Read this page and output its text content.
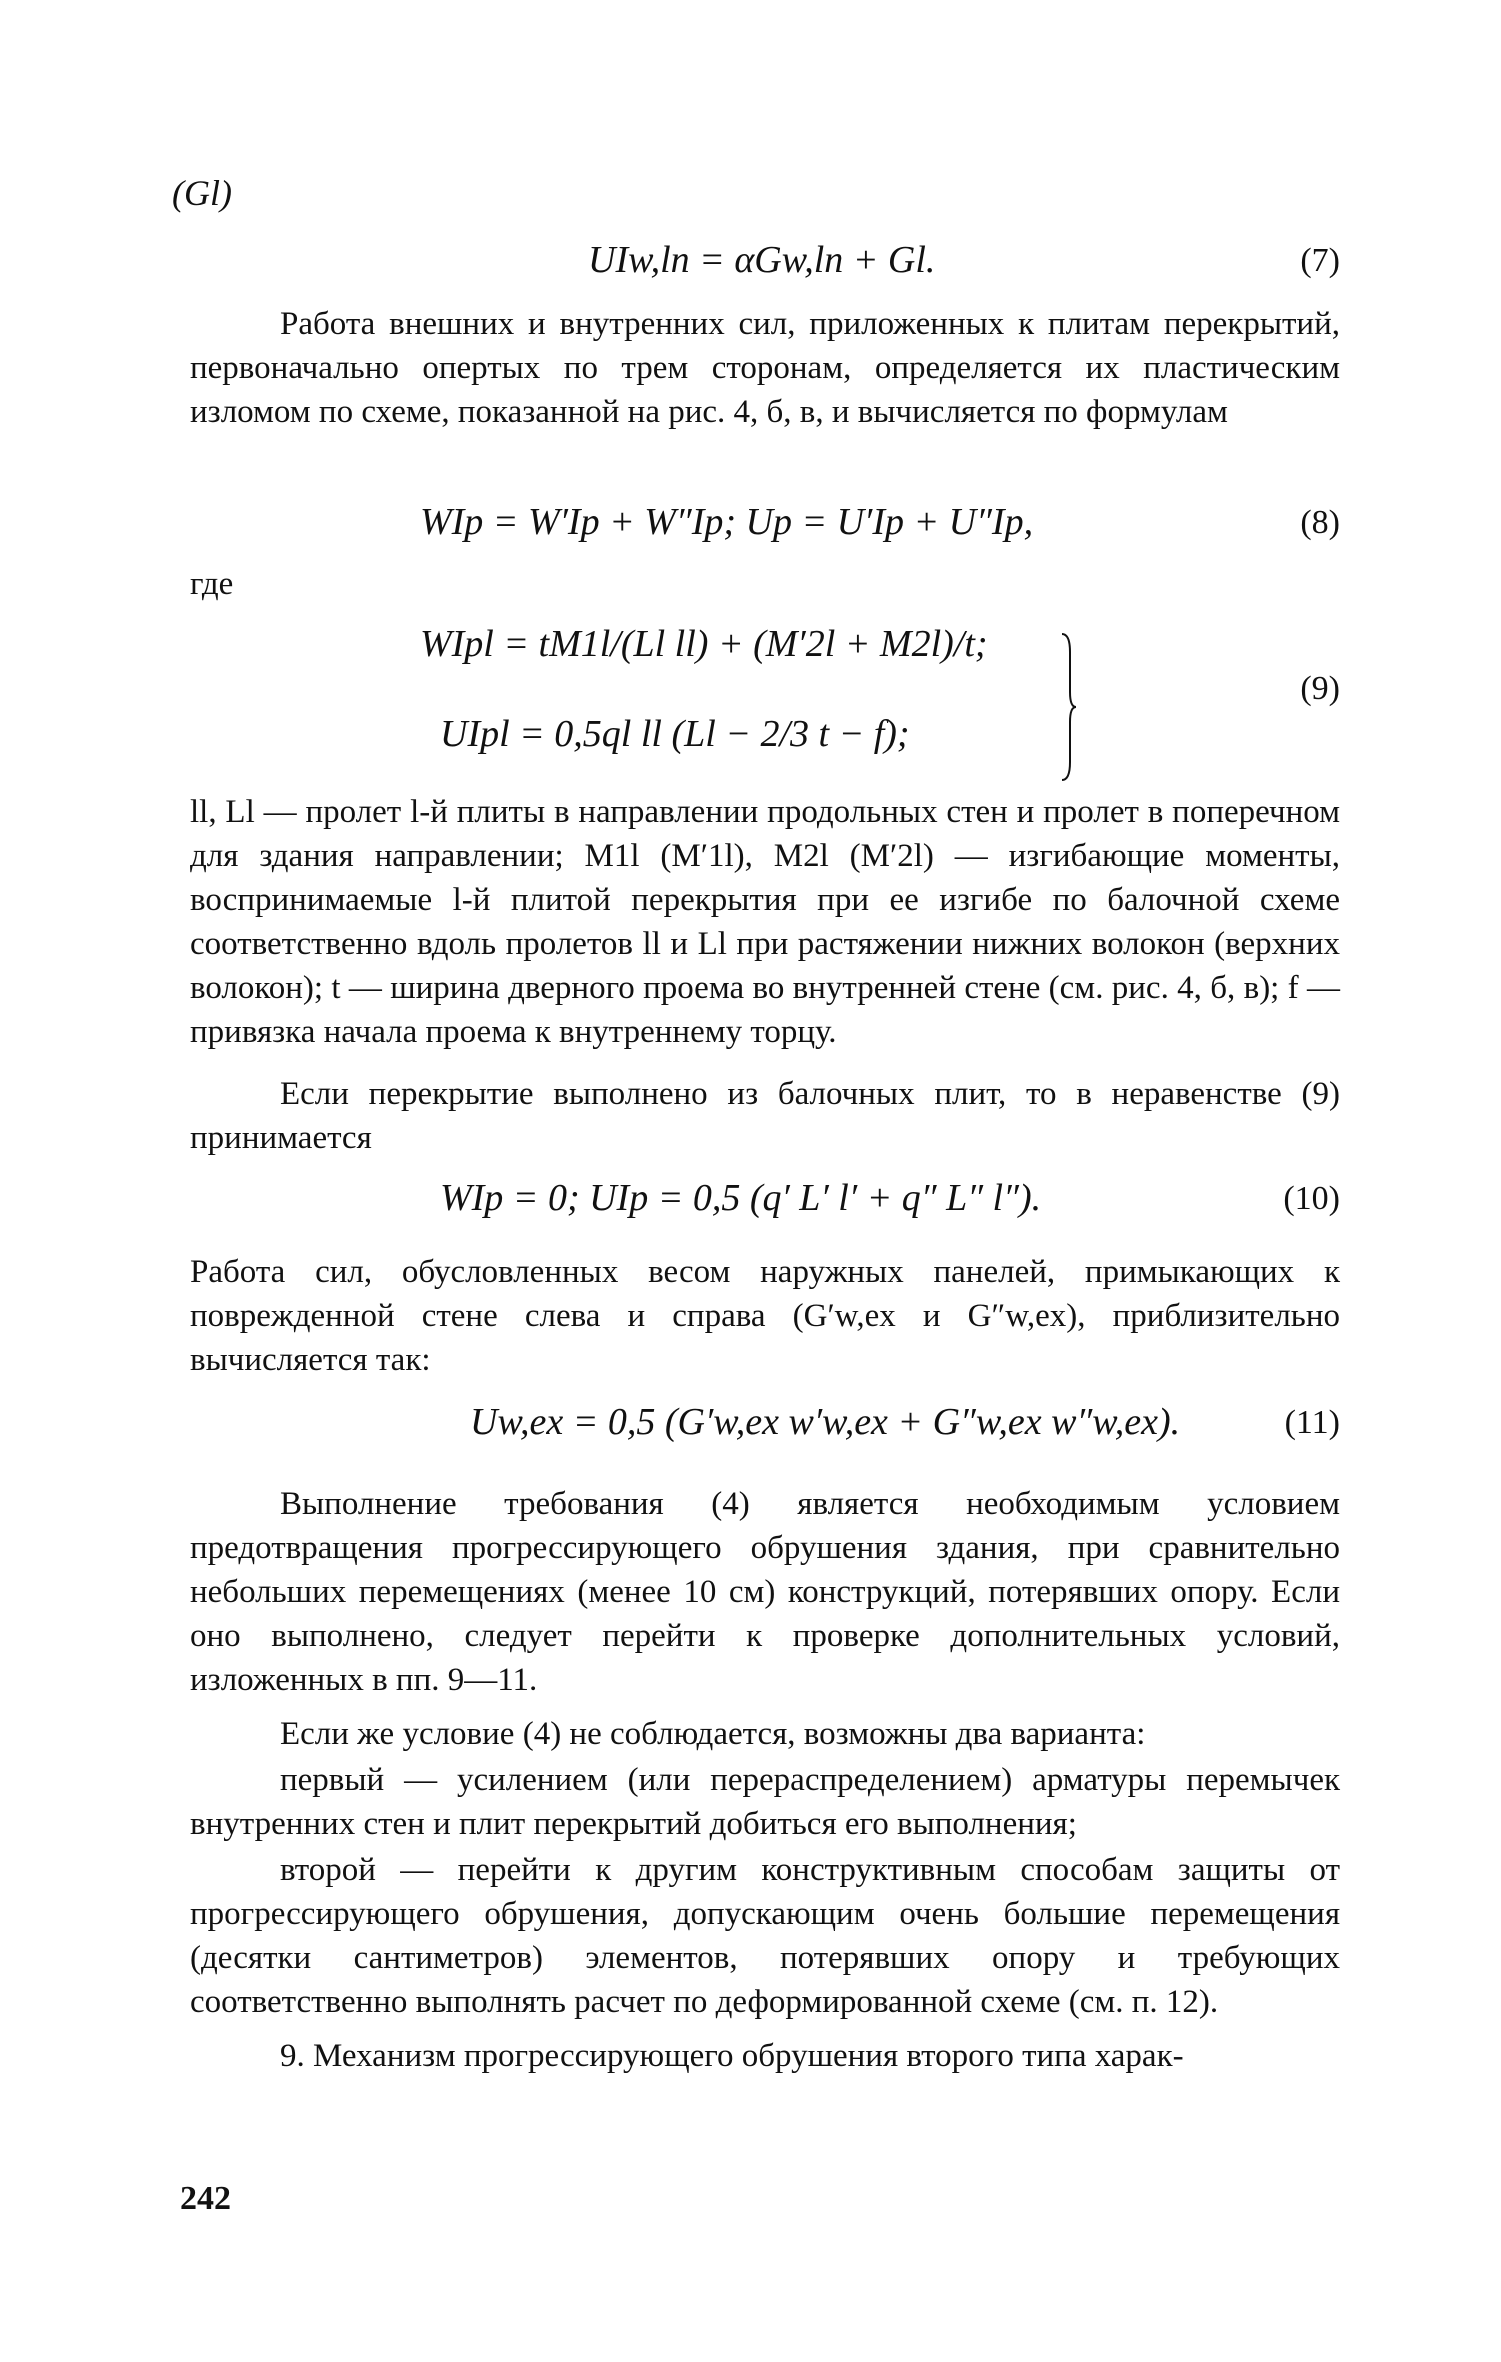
(Gl)
UIw,ln = αGw,ln + Gl.	(7)
Работа внешних и внутренних сил, приложенных к плитам перекрытий, первоначально опертых по трем сторонам, определяется их пластическим изломом по схеме, показанной на рис. 4, б, в, и вычисляется по формулам
WIp = W′Ip + W″Ip; Up = U′Ip + U″Ip,	(8)
где
WIpl = tM1l/(Ll ll) + (M′2l + M2l)/t;
UIpl = 0,5ql ll (Ll − 2/3 t − f);
(9)
ll, Ll — пролет l-й плиты в направлении продольных стен и пролет в поперечном для здания направлении; M1l (M′1l), M2l (M′2l) — изгибающие моменты, воспринимаемые l-й плитой перекрытия при ее изгибе по балочной схеме соответственно вдоль пролетов ll и Ll при растяжении нижних волокон (верхних волокон); t — ширина дверного проема во внутренней стене (см. рис. 4, б, в); f — привязка начала проема к внутреннему торцу.
Если перекрытие выполнено из балочных плит, то в неравенстве (9) принимается
WIp = 0; UIp = 0,5 (q′ L′ l′ + q″ L″ l″).	(10)
Работа сил, обусловленных весом наружных панелей, примыкающих к поврежденной стене слева и справа (G′w,ex и G″w,ex), приблизительно вычисляется так:
Uw,ex = 0,5 (G′w,ex w′w,ex + G″w,ex w″w,ex).	(11)
Выполнение требования (4) является необходимым условием предотвращения прогрессирующего обрушения здания, при сравнительно небольших перемещениях (менее 10 см) конструкций, потерявших опору. Если оно выполнено, следует перейти к проверке дополнительных условий, изложенных в пп. 9—11.
Если же условие (4) не соблюдается, возможны два варианта:
первый — усилением (или перераспределением) арматуры перемычек внутренних стен и плит перекрытий добиться его выполнения;
второй — перейти к другим конструктивным способам защиты от прогрессирующего обрушения, допускающим очень большие перемещения (десятки сантиметров) элементов, потерявших опору и требующих соответственно выполнять расчет по деформированной схеме (см. п. 12).
9. Механизм прогрессирующего обрушения второго типа харак-
242
